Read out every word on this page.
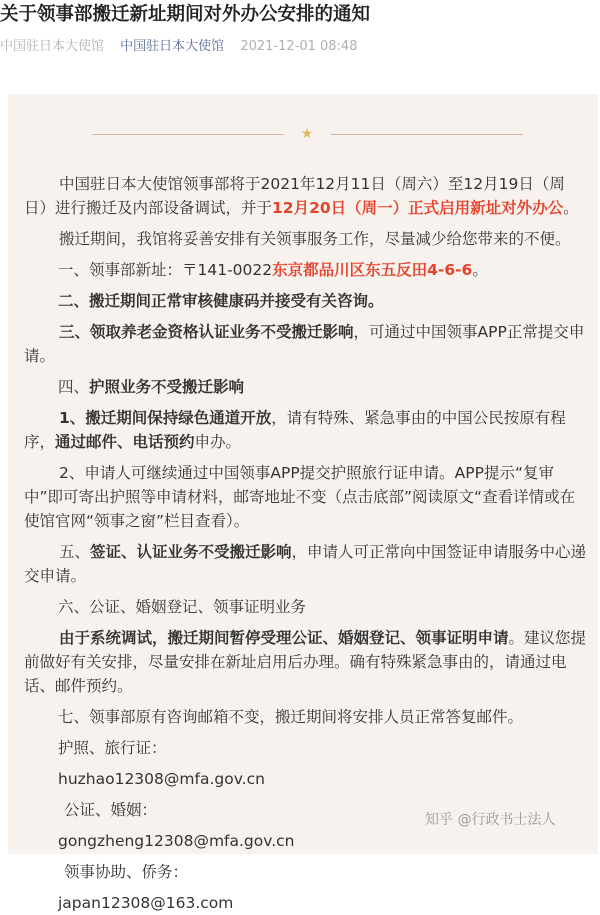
关于领事部搬迁新址期间对外办公安排的通知
中国驻日本大使馆 中国驻日本大使馆 2021-12-01 08:48
★

中国驻日本大使馆领事部将于2021年12月11日（周六）至12月19日（周日）进行搬迁及内部设备调试，并于12月20日（周一）正式启用新址对外办公。

搬迁期间，我馆将妥善安排有关领事服务工作，尽量减少给您带来的不便。

一、领事部新址：〒141-0022东京都品川区东五反田4-6-6。

二、搬迁期间正常审核健康码并接受有关咨询。

三、领取养老金资格认证业务不受搬迁影响，可通过中国领事APP正常提交申请。

四、护照业务不受搬迁影响

1、搬迁期间保持绿色通道开放，请有特殊、紧急事由的中国公民按原有程序，通过邮件、电话预约申办。

2、申请人可继续通过中国领事APP提交护照旅行证申请。APP提示“复审中”即可寄出护照等申请材料，邮寄地址不变（点击底部”阅读原文“查看详情或在使馆官网“领事之窗”栏目查看）。

五、签证、认证业务不受搬迁影响，申请人可正常向中国签证申请服务中心递交申请。

六、公证、婚姻登记、领事证明业务

由于系统调试，搬迁期间暂停受理公证、婚姻登记、领事证明申请。建议您提前做好有关安排，尽量安排在新址启用后办理。确有特殊紧急事由的，请通过电话、邮件预约。

七、领事部原有咨询邮箱不变，搬迁期间将安排人员正常答复邮件。

护照、旅行证：

huzhao12308@mfa.gov.cn

公证、婚姻：

gongzheng12308@mfa.gov.cn

领事协助、侨务：

japan12308@163.com

知乎 @行政书士法人
